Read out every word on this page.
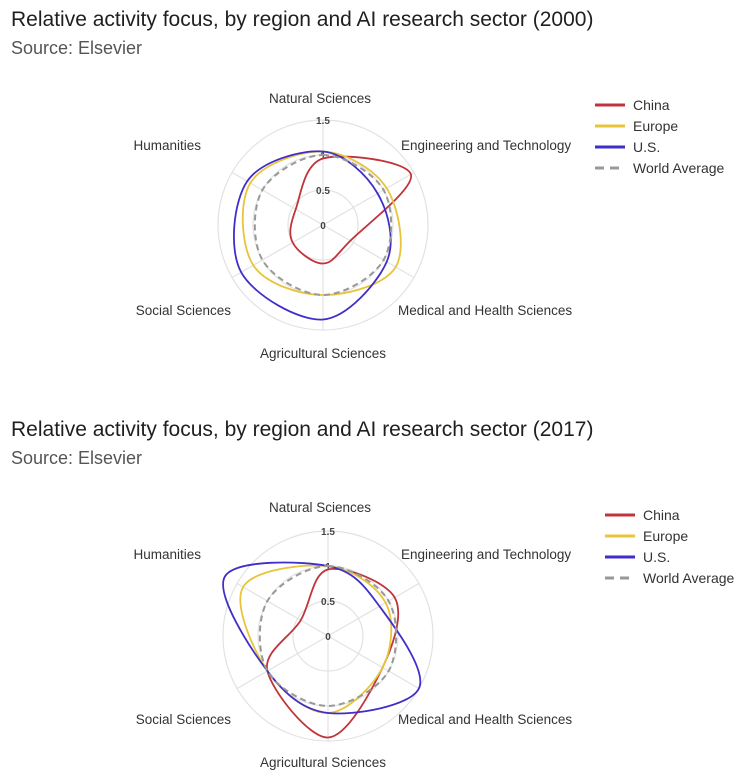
Relative activity focus, by region and AI research sector (2000)
Source: Elsevier
1.5
1
0.5
0
Natural Sciences
Engineering and Technology
Medical and Health Sciences
Agricultural Sciences
Social Sciences
Humanities
China
Europe
U.S.
World Average
Relative activity focus, by region and AI research sector (2017)
Source: Elsevier
1.5
1
0.5
0
Natural Sciences
Engineering and Technology
Medical and Health Sciences
Agricultural Sciences
Social Sciences
Humanities
China
Europe
U.S.
World Average
